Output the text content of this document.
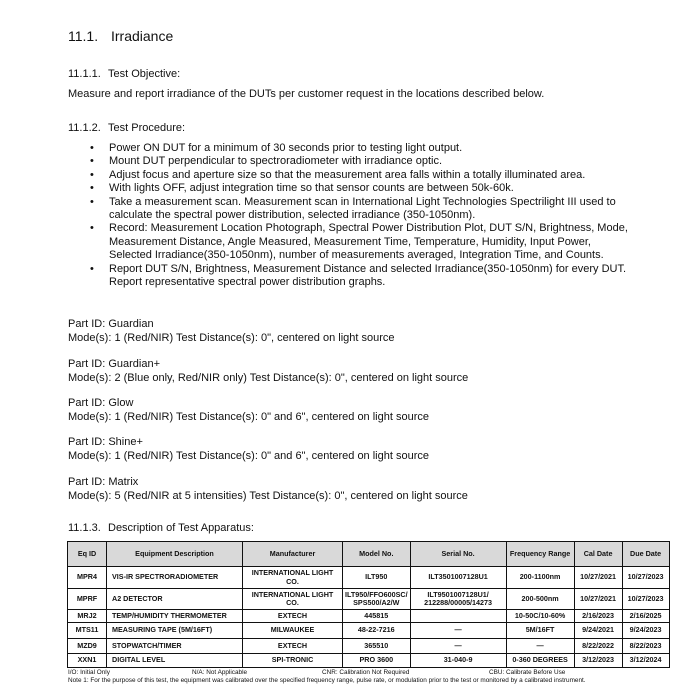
11.1. Irradiance
11.1.1. Test Objective:
Measure and report irradiance of the DUTs per customer request in the locations described below.
11.1.2. Test Procedure:
• Power ON DUT for a minimum of 30 seconds prior to testing light output.
• Mount DUT perpendicular to spectroradiometer with irradiance optic.
• Adjust focus and aperture size so that the measurement area falls within a totally illuminated area.
• With lights OFF, adjust integration time so that sensor counts are between 50k-60k.
• Take a measurement scan. Measurement scan in International Light Technologies Spectrilight III used to calculate the spectral power distribution, selected irradiance (350-1050nm).
• Record: Measurement Location Photograph, Spectral Power Distribution Plot, DUT S/N, Brightness, Mode, Measurement Distance, Angle Measured, Measurement Time, Temperature, Humidity, Input Power, Selected Irradiance(350-1050nm), number of measurements averaged, Integration Time, and Counts.
• Report DUT S/N, Brightness, Measurement Distance and selected Irradiance(350-1050nm) for every DUT. Report representative spectral power distribution graphs.
Part ID: Guardian
Mode(s): 1 (Red/NIR) Test Distance(s): 0", centered on light source
Part ID: Guardian+
Mode(s): 2 (Blue only, Red/NIR only) Test Distance(s): 0", centered on light source
Part ID: Glow
Mode(s): 1 (Red/NIR) Test Distance(s): 0" and 6", centered on light source
Part ID: Shine+
Mode(s): 1 (Red/NIR) Test Distance(s): 0" and 6", centered on light source
Part ID: Matrix
Mode(s): 5 (Red/NIR at 5 intensities) Test Distance(s): 0", centered on light source
11.1.3. Description of Test Apparatus:
Eq ID	Equipment Description	Manufacturer	Model No.	Serial No.	Frequency Range	Cal Date	Due Date
MPR4	VIS-IR SPECTRORADIOMETER	INTERNATIONAL LIGHT CO.	ILT950	ILT3501007128U1	200-1100nm	10/27/2021	10/27/2023
MPRF	A2 DETECTOR	INTERNATIONAL LIGHT CO.	ILT950/FFO600SC/ SPS500/A2/W	ILT9501007128U1/ 212288/00005/14273	200-500nm	10/27/2021	10/27/2023
MRJ2	TEMP/HUMIDITY THERMOMETER	EXTECH	445815		10-50C/10-60%	2/16/2023	2/16/2025
MTS11	MEASURING TAPE (5M/16FT)	MILWAUKEE	48-22-7216	—	5M/16FT	9/24/2021	9/24/2023
MZD9	STOPWATCH/TIMER	EXTECH	365510	—	—	8/22/2022	8/22/2023
XXN1	DIGITAL LEVEL	SPI-TRONIC	PRO 3600	31-040-9	0-360 DEGREES	3/12/2023	3/12/2024
I/O: Initial Only	N/A: Not Applicable	CNR: Calibration Not Required	CBU: Calibrate Before Use
Note 1: For the purpose of this test, the equipment was calibrated over the specified frequency range, pulse rate, or modulation prior to the test or monitored by a calibrated instrument.
